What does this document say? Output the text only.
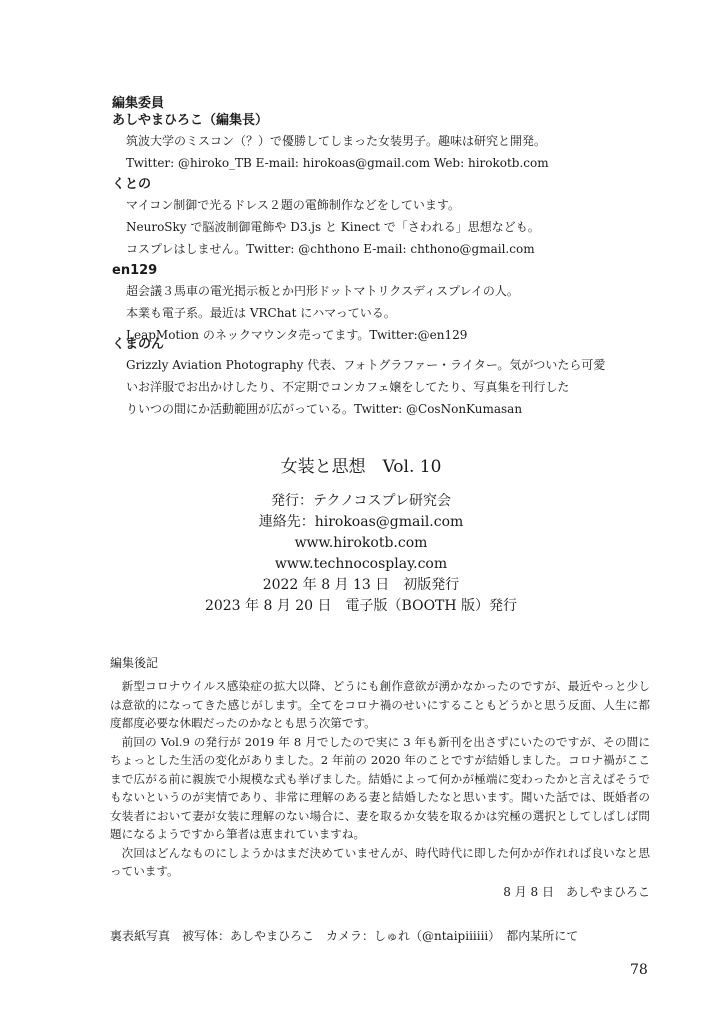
編集委員
あしやまひろこ（編集長）
筑波大学のミスコン（？）で優勝してしまった女装男子。趣味は研究と開発。
Twitter: @hiroko_TB E-mail: hirokoas@gmail.com Web: hirokotb.com
くとの
マイコン制御で光るドレス２題の電飾制作などをしています。
NeuroSky で脳波制御電飾や D3.js と Kinect で「さわれる」思想なども。
コスプレはしません。Twitter: @chthono E-mail: chthono@gmail.com
en129
超会議３馬車の電光掲示板とか円形ドットマトリクスディスプレイの人。
本業も電子系。最近は VRChat にハマっている。
LeapMotion のネックマウンタ売ってます。Twitter:@en129
くまのん
Grizzly Aviation Photography 代表、フォトグラファー・ライター。気がついたら可愛
いお洋服でお出かけしたり、不定期でコンカフェ嬢をしてたり、写真集を刊行した
りいつの間にか活動範囲が広がっている。Twitter: @CosNonKumasan
女装と思想　Vol. 10
発行：テクノコスプレ研究会
連絡先：hirokoas@gmail.com
www.hirokotb.com
www.technocosplay.com
2022 年 8 月 13 日　初版発行
2023 年 8 月 20 日　電子版（BOOTH 版）発行
編集後記

新型コロナウイルス感染症の拡大以降、どうにも創作意欲が湧かなかったのですが、最近やっと少しは意欲的になってきた感じがします。全てをコロナ禍のせいにすることもどうかと思う反面、人生に都度都度必要な休暇だったのかなとも思う次第です。

前回の Vol.9 の発行が 2019 年 8 月でしたので実に 3 年も新刊を出さずにいたのですが、その間にちょっとした生活の変化がありました。2 年前の 2020 年のことですが結婚しました。コロナ禍がここまで広がる前に親族で小規模な式も挙げました。結婚によって何かが極端に変わったかと言えばそうでもないというのが実情であり、非常に理解のある妻と結婚したなと思います。聞いた話では、既婚者の女装者において妻が女装に理解のない場合に、妻を取るか女装を取るかは究極の選択としてしばしば問題になるようですから筆者は恵まれていますね。

次回はどんなものにしようかはまだ決めていませんが、時代時代に即した何かが作れれば良いなと思っています。

8 月 8 日　あしやまひろこ
裏表紙写真　被写体：あしやまひろこ　カメラ：しゅれ（@ntaipiiiiii）　都内某所にて
78
